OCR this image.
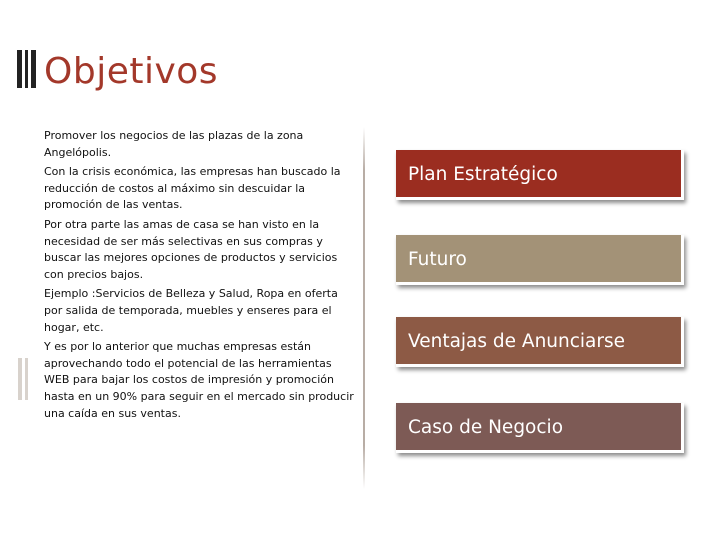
Objetivos

Promover los negocios de las plazas de la zona Angelópolis.

Con la crisis económica, las empresas han buscado la reducción de costos al máximo sin descuidar la promoción de las ventas.

Por otra parte las amas de casa se han visto en la necesidad de ser más selectivas en sus compras y buscar las mejores opciones de productos y servicios con precios bajos.

Ejemplo :Servicios de Belleza y Salud, Ropa en oferta por salida de temporada, muebles y enseres para el hogar, etc.

Y es por lo anterior que muchas empresas están aprovechando todo el potencial de las herramientas WEB para bajar los costos de impresión y promoción hasta en un 90% para seguir en el mercado sin producir una caída en sus ventas.

Plan Estratégico
Futuro
Ventajas de Anunciarse
Caso de Negocio
